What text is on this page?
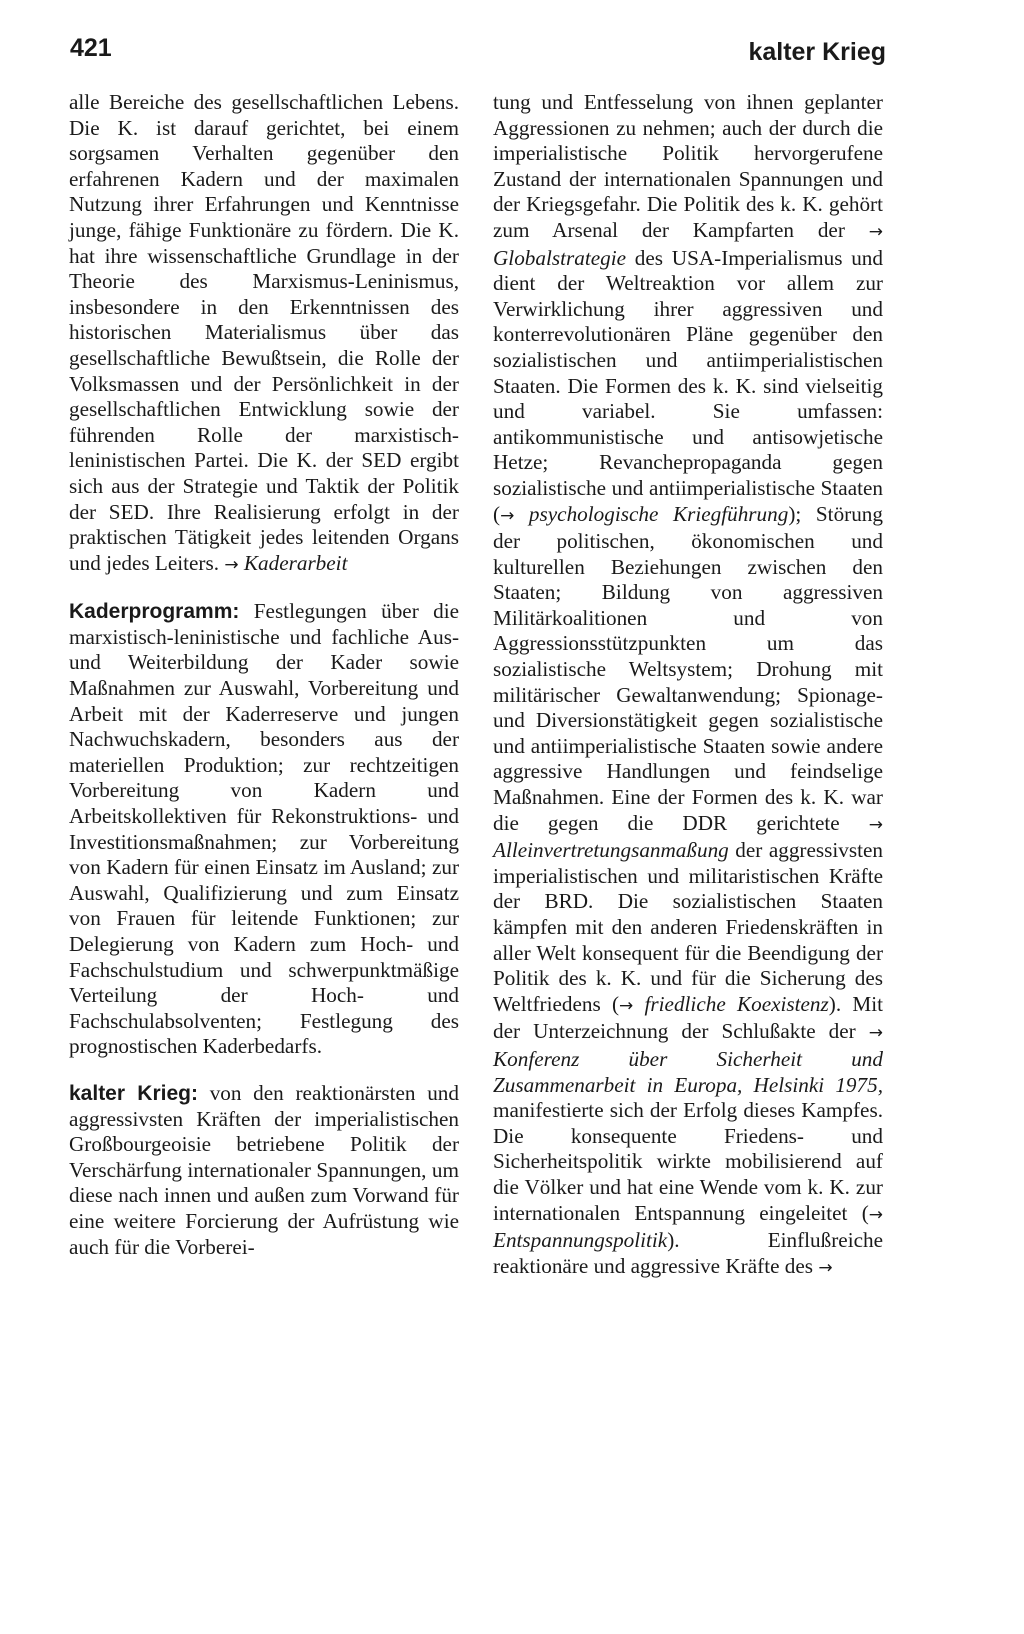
421	kalter Krieg

alle Bereiche des gesellschaftlichen Lebens. Die K. ist darauf gerichtet, bei einem sorgsamen Verhalten gegenüber den erfahrenen Kadern und der maximalen Nutzung ihrer Erfahrungen und Kenntnisse junge, fähige Funktionäre zu fördern. Die K. hat ihre wissenschaftliche Grundlage in der Theorie des Marxismus-Leninismus, insbesondere in den Erkenntnissen des historischen Materialismus über das gesellschaftliche Bewußtsein, die Rolle der Volksmassen und der Persönlichkeit in der gesellschaftlichen Entwicklung sowie der führenden Rolle der marxistisch-leninistischen Partei. Die K. der SED ergibt sich aus der Strategie und Taktik der Politik der SED. Ihre Realisierung erfolgt in der praktischen Tätigkeit jedes leitenden Organs und jedes Leiters. → Kaderarbeit

Kaderprogramm: Festlegungen über die marxistisch-leninistische und fachliche Aus- und Weiterbildung der Kader sowie Maßnahmen zur Auswahl, Vorbereitung und Arbeit mit der Kaderreserve und jungen Nachwuchskadern, besonders aus der materiellen Produktion; zur rechtzeitigen Vorbereitung von Kadern und Arbeitskollektiven für Rekonstruktions- und Investitionsmaßnahmen; zur Vorbereitung von Kadern für einen Einsatz im Ausland; zur Auswahl, Qualifizierung und zum Einsatz von Frauen für leitende Funktionen; zur Delegierung von Kadern zum Hoch- und Fachschulstudium und schwerpunktmäßige Verteilung der Hoch- und Fachschulabsolventen; Festlegung des prognostischen Kaderbedarfs.

kalter Krieg: von den reaktionärsten und aggressivsten Kräften der imperialistischen Großbourgeoisie betriebene Politik der Verschärfung internationaler Spannungen, um diese nach innen und außen zum Vorwand für eine weitere Forcierung der Aufrüstung wie auch für die Vorberei-

tung und Entfesselung von ihnen geplanter Aggressionen zu nehmen; auch der durch die imperialistische Politik hervorgerufene Zustand der internationalen Spannungen und der Kriegsgefahr. Die Politik des k. K. gehört zum Arsenal der Kampfarten der → Globalstrategie des USA-Imperialismus und dient der Weltreaktion vor allem zur Verwirklichung ihrer aggressiven und konterrevolutionären Pläne gegenüber den sozialistischen und antiimperialistischen Staaten. Die Formen des k. K. sind vielseitig und variabel. Sie umfassen: antikommunistische und antisowjetische Hetze; Revanchepropaganda gegen sozialistische und antiimperialistische Staaten (→ psychologische Kriegführung); Störung der politischen, ökonomischen und kulturellen Beziehungen zwischen den Staaten; Bildung von aggressiven Militärkoalitionen und von Aggressionsstützpunkten um das sozialistische Weltsystem; Drohung mit militärischer Gewaltanwendung; Spionage- und Diversionstätigkeit gegen sozialistische und antiimperialistische Staaten sowie andere aggressive Handlungen und feindselige Maßnahmen. Eine der Formen des k. K. war die gegen die DDR gerichtete → Alleinvertretungsanmaßung der aggressivsten imperialistischen und militaristischen Kräfte der BRD. Die sozialistischen Staaten kämpfen mit den anderen Friedenskräften in aller Welt konsequent für die Beendigung der Politik des k. K. und für die Sicherung des Weltfriedens (→ friedliche Koexistenz). Mit der Unterzeichnung der Schlußakte der → Konferenz über Sicherheit und Zusammenarbeit in Europa, Helsinki 1975, manifestierte sich der Erfolg dieses Kampfes. Die konsequente Friedens- und Sicherheitspolitik wirkte mobilisierend auf die Völker und hat eine Wende vom k. K. zur internationalen Entspannung eingeleitet (→ Entspannungspolitik). Einflußreiche reaktionäre und aggressive Kräfte des →
